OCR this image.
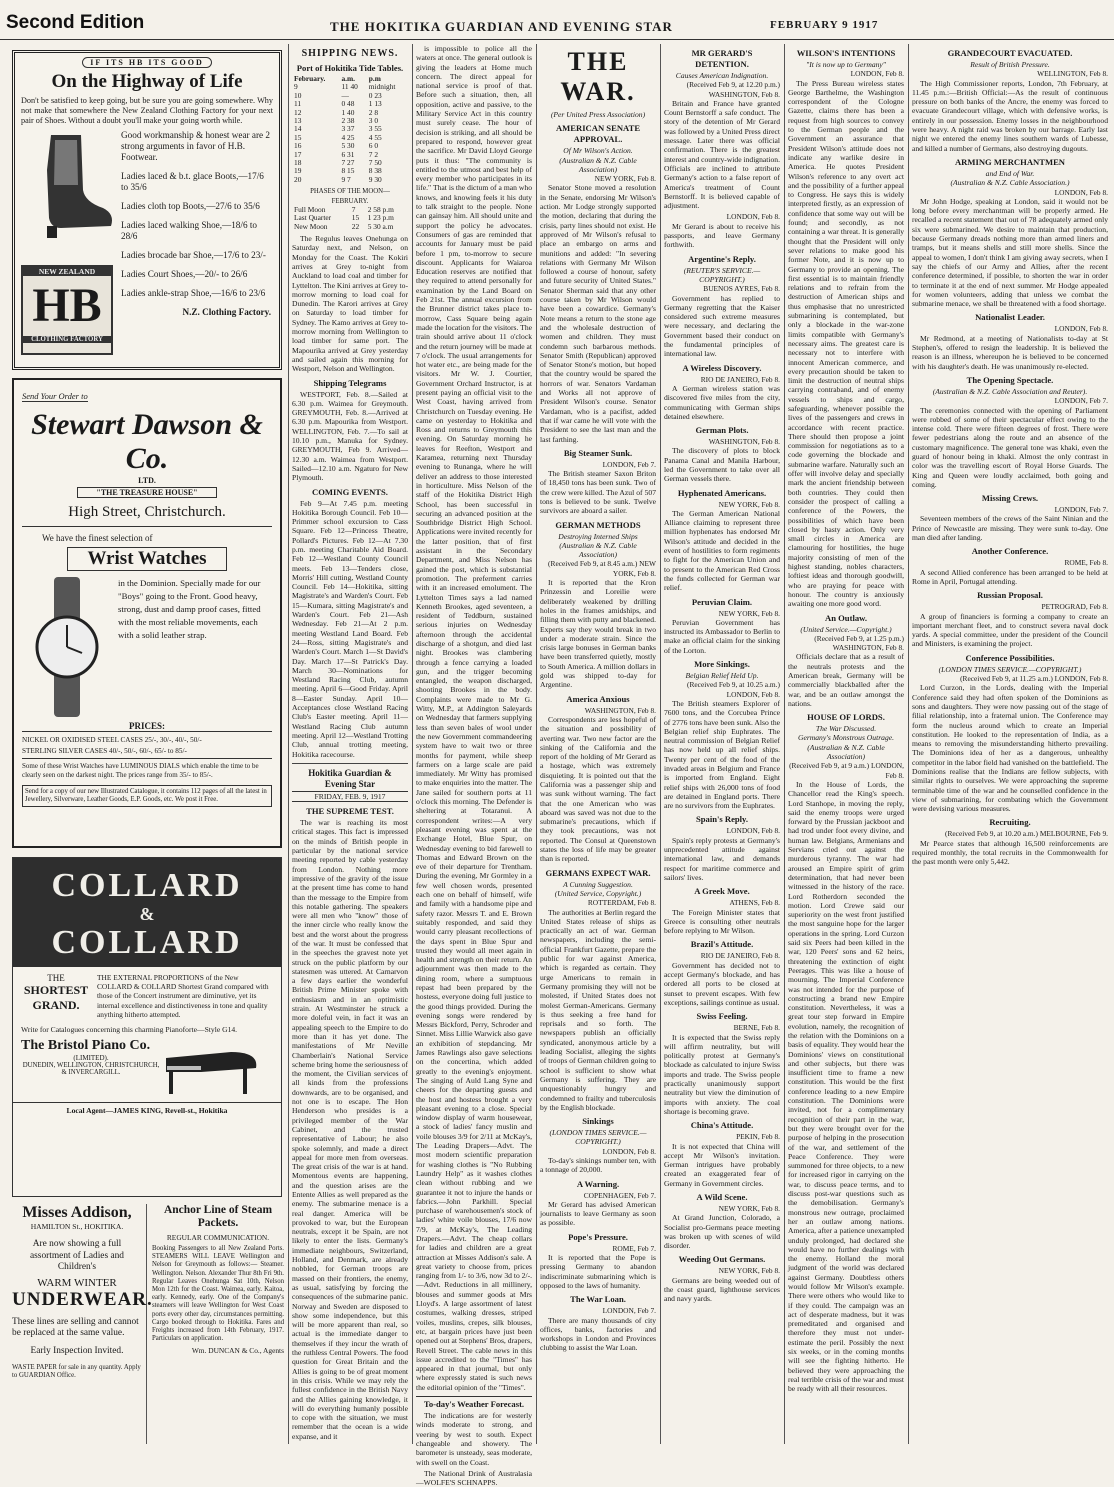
Second Edition	THE HOKITIKA GUARDIAN AND EVENING STAR	FEBRUARY 9 1917
IF ITS HB ITS GOOD
On the Highway of Life
Don't be satisfied to keep going, but be sure you are going somewhere. Why not make that somewhere the New Zealand Clothing Factory for your next pair of Shoes. Without a doubt you'll make your going worth while.
NEW ZEALAND
HB
CLOTHING FACTORY
Good workmanship & honest wear are 2 strong arguments in favor of H.B. Footwear.
Ladies laced & b.t. glace Boots,—17/6 to 35/6
Ladies cloth top Boots,—27/6 to 35/6
Ladies laced walking Shoe,—18/6 to 28/6
Ladies brocade bar Shoe,—17/6 to 23/-
Ladies Court Shoes,—20/- to 26/6
Ladies ankle-strap Shoe,—16/6 to 23/6
N.Z. Clothing Factory.
Send Your Order to
Stewart Dawson & Co.
LTD.
"THE TREASURE HOUSE"
High Street, Christchurch.
We have the finest selection of
Wrist Watches
in the Dominion. Specially made for our "Boys" going to the Front. Good heavy, strong, dust and damp proof cases, fitted with the most reliable movements, each with a solid leather strap.
PRICES:
NICKEL OR OXIDISED STEEL CASES 25/-, 30/-, 40/-, 50/-
STERLING SILVER CASES 40/-, 50/-, 60/-, 65/- to 85/-
Some of these Wrist Watches have LUMINOUS DIALS which enable the time to be clearly seen on the darkest night. The prices range from 35/- to 85/-.
Send for a copy of our new Illustrated Catalogue, it contains 112 pages of all the latest in Jewellery, Silverware, Leather Goods, E.P. Goods, etc. We post it Free.
COLLARD
&
COLLARD
THE
SHORTEST
GRAND.
THE EXTERNAL PROPORTIONS of the New COLLARD & COLLARD Shortest Grand compared with those of the Concert instrument are diminutive, yet its internal excellence and distinctiveness in tone and quality anything hitherto attempted.
Write for Catalogues concerning this charming Pianoforte—Style G14.
The Bristol Piano Co.
(LIMITED).
DUNEDIN, WELLINGTON, CHRISTCHURCH, & INVERCARGILL.
Local Agent—JAMES KING, Revell-st., Hokitika
Misses Addison,
HAMILTON St., HOKITIKA.
Are now showing a full assortment of Ladies and Children's
WARM WINTER
UNDERWEAR.
These lines are selling and cannot be replaced at the same value.
Early Inspection Invited.
WASTE PAPER for sale in any quantity. Apply to GUARDIAN Office.
Anchor Line of Steam Packets.
REGULAR COMMUNICATION.
Booking Passengers to all New Zealand Ports. STEAMERS WILL LEAVE Wellington and Nelson for Greymouth as follows:— Steamer. Wellington. Nelson. Alexander Thur 8th Fri 9th. Regular Leaves Onehunga Sat 10th, Nelson Mon 12th for the Coast. Waimea, early. Kaitoa, early. Kennedy, early. One of the Company's steamers will leave Wellington for West Coast ports every other day, circumstances permitting. Cargo booked through to Hokitika. Fares and Freights increased from 14th February, 1917. Particulars on application.
Wm. DUNCAN & Co., Agents
SHIPPING NEWS.
Port of Hokitika Tide Tables.
February.	a.m.	p.m
9	11 40	midnight
10	—	0 23
11	0 48	1 13
12	1 40	2 8
13	2 38	3 0
14	3 37	3 55
15	4 25	4 55
16	5 30	6 0
17	6 31	7 2
18	7 27	7 50
19	8 15	8 38
20	9 7	9 30
PHASES OF THE MOON—FEBRUARY.
Full Moon	7	2 58 p.m
Last Quarter	15	1 23 p.m
New Moon	22	5 30 a.m

The Regulus leaves Onehunga on Saturday next, and Nelson, on Monday for the Coast. The Kokiri arrives at Grey to-night from Auckland to load coal and timber for Lyttelton. The Kini arrives at Grey to-morrow morning to load coal for Dunedin. The Karori arrives at Grey on Saturday to load timber for Sydney. The Kamo arrives at Grey to-morrow morning from Wellington to load timber for same port. The Mapourika arrived at Grey yesterday and sailed again this morning for Westport, Nelson and Wellington.

Shipping Telegrams

WESTPORT, Feb. 8.—Sailed at 6.30 p.m. Waimea for Greymouth. GREYMOUTH, Feb. 8.—Arrived at 6.30 p.m. Mapourika from Westport. WELLINGTON, Feb. 7.—To sail at 10.10 p.m., Manuka for Sydney. GREYMOUTH, Feb 9. Arrived—12.30 a.m. Waimea from Westport. Sailed—12.10 a.m. Ngaturo for New Plymouth.

COMING EVENTS.

Feb 9—At 7.45 p.m. meeting Hokitika Borough Council. Feb 10—Primmer school excursion to Cass Square. Feb 12—Princess Theatre, Pollard's Pictures. Feb 12—At 7.30 p.m. meeting Charitable Aid Board. Feb 12—Westland County Council meets. Feb 13—Tenders close, Morris' Hill cutting, Westland County Council. Feb 14—Hokitika, sitting Magistrate's and Warden's Court. Feb 15—Kumara, sitting Magistrate's and Warden's Court. Feb 21—Ash Wednesday. Feb 21—At 2 p.m. meeting Westland Land Board. Feb 24—Ross, sitting Magistrate's and Warden's Court. March 1—St David's Day. March 17—St Patrick's Day. March 30—Nominations for Westland Racing Club, autumn meeting. April 6—Good Friday. April 8—Easter Sunday. April 10—Acceptances close Westland Racing Club's Easter meeting. April 11—Westland Racing Club autumn meeting. April 12—Westland Trotting Club, annual trotting meeting, Hokitika racecourse.

Hokitika Guardian & Evening Star
FRIDAY, FEB. 9, 1917
THE SUPREME TEST.

The war is reaching its most critical stages. This fact is impressed on the minds of British people in particular by the national service meeting reported by cable yesterday from London. Nothing more impressive of the gravity of the issue at the present time has come to hand than the message to the Empire from this notable gathering. The speakers were all men who "know" those of the inner circle who really know the best and the worst about the progress of the war. It must be confessed that in the speeches the gravest note yet struck on the public platform by our statesmen was uttered. At Carnarvon a few days earlier the wonderful British Prime Minister spoke with enthusiasm and in an optimistic strain. At Westminster he struck a more doleful vein, in fact it was an appealing speech to the Empire to do more than it has yet done. The manifestations of Mr Neville Chamberlain's National Service scheme bring home the seriousness of the moment, the Civilian services of all kinds from the professions downwards, are to be organised, and not one is to escape. The Hon Henderson who presides is a privileged member of the War Cabinet, and the trusted representative of Labour; he also spoke solemnly, and made a direct appeal for more men from overseas. The great crisis of the war is at hand. Momentous events are happening, and the question arises are the Entente Allies as well prepared as the enemy. The submarine menace is a real danger. America will be provoked to war, but the European neutrals, except it be Spain, are not likely to enter the lists. Germany's immediate neighbours, Switzerland, Holland, and Denmark, are already nobbled, for German troops are massed on their frontiers, the enemy, as usual, satisfying by forcing the consequences of the submarine panic. Norway and Sweden are disposed to show some independence, but this will be more apparent than real, so actual is the immediate danger to themselves if they incur the wrath of the ruthless Central Powers. The food question for Great Britain and the Allies is going to be of great moment in this crisis. While we may rely the fullest confidence in the British Navy and the Allies gaining knowledge, it will do everything humanly possible to cope with the situation, we must remember that the ocean is a wide expanse, and it

is impossible to police all the waters at once. The general outlook is giving the leaders at Home much concern. The direct appeal for national service is proof of that. Before such a situation, then, all opposition, active and passive, to the Military Service Act in this country must surely cease. The hour of decision is striking, and all should be prepared to respond, however great the sacrifice. Mr David Lloyd George puts it thus: "The community is entitled to the utmost and best help of every member who participates in its life." That is the dictum of a man who knows, and knowing feels it his duty to talk straight to the people. None can gainsay him. All should unite and support the policy he advocates. Consumers of gas are reminded that accounts for January must be paid before 1 pm, to-morrow to secure discount. Applicants for Waiaroa Education reserves are notified that they required to attend personally for examination by the Land Board on Feb 21st. The annual excursion from the Brunner district takes place to-morrow, Cass Square being again made the location for the visitors. The train should arrive about 11 o'clock and the return journey will be made at 7 o'clock. The usual arrangements for hot water etc., are being made for the visitors. Mr W. J. Courtier, Government Orchard Instructor, is at present paying an official visit to the West Coast, having arrived from Christchurch on Tuesday evening. He came on yesterday to Hokitika and Ross and returns to Greymouth this evening. On Saturday morning he leaves for Reefton, Westport and Karamea, returning next Thursday evening to Runanga, where he will deliver an address to those interested in horticulture. Miss Nelson of the staff of the Hokitika District High School, has been successful in securing an advanced position at the Southbridge District High School. Applications were invited recently for the latter position, that of first assistant in the Secondary Department, and Miss Nelson has gained the post, which is substantial promotion. The preferment carries with it an increased emolument. The Lyttelton Times says a lad named Kenneth Brookes, aged seventeen, a resident of Teddburn, sustained serious injuries on Wednesday afternoon through the accidental discharge of a shotgun, and died last night. Brookes was clambering through a fence carrying a loaded gun, and the trigger becoming entangled, the weapon discharged, shooting Brookes in the body. Complaints were made to Mr G. Witty, M.P., at Addington Saleyards on Wednesday that farmers supplying less than seven bales of wool under the new Government commandeering system have to wait two or three months for payment, while sheep farmers on a large scale are paid immediately. Mr Witty has promised to make enquiries into the matter. The Jane sailed for southern ports at 11 o'clock this morning. The Defender is sheltering at Totaranui. A correspondent writes:—A very pleasant evening was spent at the Exchange Hotel, Blue Spur, on Wednesday evening to bid farewell to Thomas and Edward Brown on the eve of their departure for Trentham. During the evening, Mr Gormley in a few well chosen words, presented each one on behalf of himself, wife and family with a handsome pipe and safety razor. Messrs T. and E. Brown suitably responded, and said they would carry pleasant recollections of the days spent in Blue Spur and trusted they would all meet again in health and strength on their return. An adjournment was then made to the dining room, where a sumptuous repast had been prepared by the hostess, everyone doing full justice to the good things provided. During the evening songs were rendered by Messrs Bickford, Perry, Schroder and Sinnet. Miss Lillie Warwick also gave an exhibition of stepdancing. Mr James Rawlings also gave selections on the concertina, which added greatly to the evening's enjoyment. The singing of Auld Lang Syne and cheers for the departing guests and the host and hostess brought a very pleasant evening to a close. Special window display of warm housewear, a stock of ladies' fancy muslin and voile blouses 3/9 for 2/11 at McKay's, The Leading Drapers—Advt. The most modern scientific preparation for washing clothes is "No Rubbing Laundry Help" as it washes clothes clean without rubbing and we guarantee it not to injure the hands or fabrics.—John Parkhill. Special purchase of warehousemen's stock of ladies' white voile blouses, 17/6 now 7/9, at McKay's, The Leading Drapers.—Advt. The cheap collars for ladies and children are a great attraction at Misses Addison's sale. A great variety to choose from, prices ranging from 1/- to 3/6, now 3d to 2/-.—Advt. Reductions in all millinery, blouses and summer goods at Mrs Lloyd's. A large assortment of latest costumes, walking dresses, striped voiles, muslins, crepes, silk blouses, etc, at bargain prices have just been opened out at Stephens' Bros, drapers, Revell Street. The cable news in this issue accredited to the "Times" has appeared in that journal, but only where expressly stated is such news the editorial opinion of the "Times".

To-day's Weather Forecast.

The indications are for westerly winds moderate to strong, and veering by west to south. Expect changeable and showery. The barometer is unsteady, seas moderate, with swell on the Coast.

The National Drink of Australasia—WOLFE'S SCHNAPPS.

THE WAR.
(Per United Press Association)
AMERICAN SENATE APPROVAL.
Of Mr Wilson's Action.
(Australian & N.Z. Cable Association)
NEW YORK, Feb 8.

Senator Stone moved a resolution in the Senate, endorsing Mr Wilson's action. Mr Lodge strongly supported the motion, declaring that during the crisis, party lines should not exist. He approved of Mr Wilson's refusal to place an embargo on arms and munitions and added: "In severing relations with Germany Mr Wilson followed a course of honour, safety and future security of United States." Senator Sherman said that any other course taken by Mr Wilson would have been a cowardice. Germany's Note means a return to the stone age and the wholesale destruction of women and children. They must condemn such barbarous methods. Senator Smith (Republican) approved of Senator Stone's motion, but hoped that the country would be spared the horrors of war. Senators Vardaman and Works all not approve of President Wilson's course. Senator Vardaman, who is a pacifist, added that if war came he will vote with the President to see the last man and the last farthing.

Big Steamer Sunk.
LONDON, Feb 7.

The British steamer Saxon Briton of 18,450 tons has been sunk. Two of the crew were killed. The Azul of 507 tons is believed to be sunk. Twelve survivors are aboard a sailer.

GERMAN METHODS
Destroying Interned Ships
(Australian & N.Z. Cable Association)
(Received Feb 9, at 8.45 a.m.) NEW YORK, Feb 8.

It is reported that the Kron Prinzessin and Loreilie were deliberately weakened by drilling holes in the frames amidships, and filling them with putty and blackened. Experts say they would break in two under a moderate strain. Since the crisis large bonuses in German banks have been transferred quietly, mostly to South America. A million dollars in gold was shipped to-day for Argentine.

America Anxious
WASHINGTON, Feb 8.

Correspondents are less hopeful of the situation and possibility of averting war. Two new factor are the sinking of the California and the report of the holding of Mr Gerard as a hostage, which was extremely disquieting. It is pointed out that the California was a passenger ship and was sunk without warning. The fact that the one American who was aboard was saved was not due to the submarine's precautions, which if they took precautions, was not reported. The Consul at Queenstown states the loss of life may be greater than is reported.

GERMANS EXPECT WAR.
A Cunning Suggestion.
(United Service, Copyright.)
ROTTERDAM, Feb 8.

The authorities at Berlin regard the United States release of ships as practically an act of war. German newspapers, including the semi-official Frankfurt Gazette, prepare the public for war against America, which is regarded as certain. They urge Americans to remain in Germany promising they will not be molested, if United States does not molest German-Americans. Germany is thus seeking a free hand for reprisals and so forth. The newspapers publish an officially syndicated, anonymous article by a leading Socialist, alleging the sights of troops of German children going to school is sufficient to show what Germany is suffering. They are unquestionably hungry and condemned to frailty and tuberculosis by the English blockade.

Sinkings
(LONDON TIMES SERVICE.—COPYRIGHT.)
LONDON, Feb 8.

To-day's sinkings number ten, with a tonnage of 20,000.

A Warning.
COPENHAGEN, Feb 7.

Mr Gerard has advised American journalists to leave Germany as soon as possible.

Pope's Pressure.
ROME, Feb 7.

It is reported that the Pope is pressing Germany to abandon indiscriminate submarining which is opposed to the laws of humanity.

The War Loan.
LONDON, Feb 7.

There are many thousands of city offices, banks, factories and workshops in London and Provinces clubbing to assist the War Loan.

MR GERARD'S DETENTION.
Causes American Indignation.
(Received Feb 9, at 12.20 p.m.) WASHINGTON, Feb 8.

Britain and France have granted Count Bernstorff a safe conduct. The story of the detention of Mr Gerard was followed by a United Press direct message. Later there was official confirmation. There is the greatest interest and country-wide indignation. Officials are inclined to attribute Germany's action to a false report of America's treatment of Count Bernstorff. It is believed capable of adjustment.

LONDON, Feb 8.

Mr Gerard is about to receive his passports, and leave Germany forthwith.

Argentine's Reply.
(REUTER'S SERVICE.—COPYRIGHT.)
BUENOS AYRES, Feb 8.

Government has replied to Germany regretting that the Kaiser considered such extreme measures were necessary, and declaring the Government based their conduct on the fundamental principles of international law.

A Wireless Discovery.
RIO DE JANEIRO, Feb 8.

A German wireless station was discovered five miles from the city, communicating with German ships detained elsewhere.

German Plots.
WASHINGTON, Feb 8.

The discovery of plots to block Panama Canal and Manila Harbour, led the Government to take over all German vessels there.

Hyphenated Americans.
NEW YORK, Feb 8.

The German American National Alliance claiming to represent three million hyphenates has endorsed Mr Wilson's attitude and decided in the event of hostilities to form regiments to fight for the American Union and to present to the American Red Cross the funds collected for German war relief.

Peruvian Claim.
NEW YORK, Feb 8.

Peruvian Government has instructed its Ambassador to Berlin to make an official claim for the sinking of the Lorton.

More Sinkings.
Belgian Relief Held Up.
(Received Feb 9, at 10.25 a.m.) LONDON, Feb 8.

The British steamers Explorer of 7600 tons, and the Corcubea Prince of 2776 tons have been sunk. Also the Belgian relief ship Euphrates. The neutral commission of Belgian Relief has now held up all relief ships. Twenty per cent of the food of the invaded areas in Belgium and France is imported from England. Eight relief ships with 26,000 tons of food are detained in England ports. There are no survivors from the Euphrates.

Spain's Reply.
LONDON, Feb 8.

Spain's reply protests at Germany's unprecedented attitude against international law, and demands respect for maritime commerce and sailors' lives.

A Greek Move.
ATHENS, Feb 8.

The Foreign Minister states that Greece is consulting other neutrals before replying to Mr Wilson.

Brazil's Attitude.
RIO DE JANEIRO, Feb 8.

Government has decided not to accept Germany's blockade, and has ordered all ports to be closed at sunset to prevent escapes. With few exceptions, sailings continue as usual.

Swiss Feeling.
BERNE, Feb 8.

It is expected that the Swiss reply will affirm neutrality, but will politically protest at Germany's blockade as calculated to injure Swiss imports and trade. The Swiss people practically unanimously support neutrality but view the diminution of imports with anxiety. The coal shortage is becoming grave.

China's Attitude.
PEKIN, Feb 8.

It is not expected that China will accept Mr Wilson's invitation. German intrigues have probably created an exaggerated fear of Germany in Government circles.

A Wild Scene.
NEW YORK, Feb 8.

At Grand Junction, Colorado, a Socialist pro-Germans peace meeting was broken up with scenes of wild disorder.

Weeding Out Germans.
NEW YORK, Feb 8.

Germans are being weeded out of the coast guard, lighthouse services and navy yards.

WILSON'S INTENTIONS
"It is now up to Germany"
LONDON, Feb 8.

The Press Bureau wireless states George Barthelme, the Washington correspondent of the Cologne Gazette, claims there has been a request from high sources to convey to the German people and the Government an assurance that President Wilson's attitude does not indicate any warlike desire in America. He quotes President Wilson's reference to any overt act and the possibility of a further appeal to Congress. He says this is widely interpreted firstly, as an expression of confidence that some way out will be found; and secondly, as not containing a war threat. It is generally thought that the President will only sever relations to make good his former Note, and it is now up to Germany to provide an opening. The first essential is to maintain friendly relations and to refrain from the destruction of American ships and thus emphasise that no unrestricted submarining is contemplated, but only a blockade in the war-zone limits compatible with Germany's necessary aims. The greatest care is necessary not to interfere with innocent American commerce, and every precaution should be taken to limit the destruction of neutral ships carrying contraband, and of enemy vessels to ships and cargo, safeguarding, whenever possible the lives of the passengers and crews in accordance with recent practice. There should then propose a joint commission for negotiations as to a code governing the blockade and submarine warfare. Naturally such an offer will involve delay and specially mark the ancient friendship between both countries. They could then consider the prospect of calling a conference of the Powers, the possibilities of which have been closed by hasty action. Only very small circles in America are clamouring for hostilities, the huge majority consisting of men of the highest standing, nobles characters, loftiest ideas and thorough goodwill, who are praying for peace with honour. The country is anxiously awaiting one more good word.

An Outlaw.
(United Service.—Copyright.)
(Received Feb 9, at 1.25 p.m.) WASHINGTON, Feb 8.

Officials declare that as a result of the neutrals protests and the American break, Germany will be commercially blackballed after the war, and be an outlaw amongst the nations.

HOUSE OF LORDS.
The War Discussed.
Germany's Monstrous Outrage.
(Australian & N.Z. Cable Association)
(Received Feb 9, at 9 a.m.) LONDON, Feb 8.

In the House of Lords, the Chancellor read the King's speech. Lord Stanhope, in moving the reply, said the enemy troops were urged forward by the Prussian jackboot and had trod under foot every divine, and human law. Belgians, Armenians and Servians cried out against the murderous tyranny. The war had aroused an Empire spirit of grim determination, that had never been witnessed in the history of the race. Lord Rotherdorn seconded the motion. Lord Crewe said our superiority on the west front justified the most sanguine hope for the larger operations in the spring. Lord Curzon said six Peers had been killed in the war, 120 Peers' sons and 62 heirs, threatening the extinction of eight Peerages. This was like a house of mourning. The Imperial Conference was not intended for the purpose of constructing a brand new Empire constitution. Nevertheless, it was a great tour step forward in Empire evolution, namely, the recognition of the relation with the Dominions on a basis of equality. They would hear the Dominions' views on constitutional and other subjects, but there was insufficient time to frame a new constitution. This would be the first conference leading to a new Empire constitution. The Dominions were invited, not for a complimentary recognition of their part in the war, but they were brought over for the purpose of helping in the prosecution of the war, and settlement of the Peace Conference. They were summoned for three objects, to a new for increased rigor in carrying on the war, to discuss peace terms, and to discuss post-war questions such as the demobilisation. Germany's monstrous new outrage, proclaimed her an outlaw among nations. America, after a patience unexampled unduly prolonged, had declared she would have no further dealings with the enemy. Holland the moral judgment of the world was declared against Germany. Doubtless others would follow Mr Wilson's example. There were others who would like to if they could. The campaign was an act of desperate madness, but it was premeditated and organised and therefore they must not under-estimate the peril. Possibly the next six weeks, or in the coming months will see the fighting hitherto. He believed they were approaching the real terrible crisis of the war and must be ready with all their resources.

GRANDECOURT EVACUATED.
Result of British Pressure.
WELLINGTON, Feb 8.

The High Commissioner reports, London, 7th February, at 11.45 p.m.:—British Official:—As the result of continuous pressure on both banks of the Ancre, the enemy was forced to evacuate Grandecourt village, which with defensive works, is entirely in our possession. Enemy losses in the neighbourhood were heavy. A night raid was broken by our barrage. Early last night we entered the enemy lines southern wards of Lubesse, and killed a number of Germans, also destroying dugouts.

ARMING MERCHANTMEN
and End of War.
(Australian & N.Z. Cable Association.)
LONDON, Feb 8.

Mr John Hodge, speaking at London, said it would not be long before every merchantman will be properly armed. He recalled a recent statement that out of 78 adequately armed only six were submarined. We desire to maintain that production, because Germany dreads nothing more than armed liners and tramps, but it means shells and still more shells. Since the appeal to women, I don't think I am giving away secrets, when I say the chiefs of our Army and Allies, after the recent conference determined, if possible, to shorten the war in order to terminate it at the end of next summer. Mr Hodge appealed for women volunteers, adding that unless we combat the submarine menace, we shall be threatened with a food shortage.

Nationalist Leader.
LONDON, Feb 8.

Mr Redmond, at a meeting of Nationalists to-day at St Stephen's, offered to resign the leadership. It is believed the reason is an illness, whereupon he is believed to be concerned with his daughter's death. He was unanimously re-elected.

The Opening Spectacle.
(Australian & N.Z. Cable Association and Reuter).
LONDON, Feb 7.

The ceremonies connected with the opening of Parliament were robbed of some of their spectacular effect owing to the intense cold. There were fifteen degrees of frost. There were fewer pedestrians along the route and an absence of the customary magnificence. The general tone was khaki, even the guard of honour being in khaki. Almost the only contrast in color was the travelling escort of Royal Horse Guards. The King and Queen were loudly acclaimed, both going and coming.

Missing Crews.
LONDON, Feb 7.

Seventeen members of the crews of the Saint Ninian and the Prince of Newcastle are missing. They were sunk to-day. One man died after landing.

Another Conference.
ROME, Feb 8.

A second Allied conference has been arranged to be held at Rome in April, Portugal attending.

Russian Proposal.
PETROGRAD, Feb 8.

A group of financiers is forming a company to create an important merchant fleet, and to construct severa naval dock yards. A special committee, under the president of the Council and Ministers, is examining the project.

Conference Possibilities.
(LONDON TIMES SERVICE.—COPYRIGHT.)
(Received Feb 9, at 11.25 a.m.) LONDON, Feb 8.

Lord Curzon, in the Lords, dealing with the Imperial Conference said they had often spoken of the Dominions as sons and daughters. They were now passing out of the stage of filial relationship, into a fraternal union. The Conference may form the nucleus around which to create an Imperial constitution. He looked to the representation of India, as a means to removing the misunderstanding hitherto prevailing. The Dominions idea of her as a dangerous, unhealthy competitor in the labor field had vanished on the battlefield. The Dominions realise that the Indians are fellow subjects, with similar rights to ourselves. We were approaching the supreme terminable time of the war and he counselled confidence in the view of submarining, for combating which the Government were devising various measures.

Recruiting.
(Received Feb 9, at 10.20 a.m.) MELBOURNE, Feb 9.

Mr Pearce states that although 16,500 reinforcements are required monthly, the total recruits in the Commonwealth for the past month were only 5,442.
